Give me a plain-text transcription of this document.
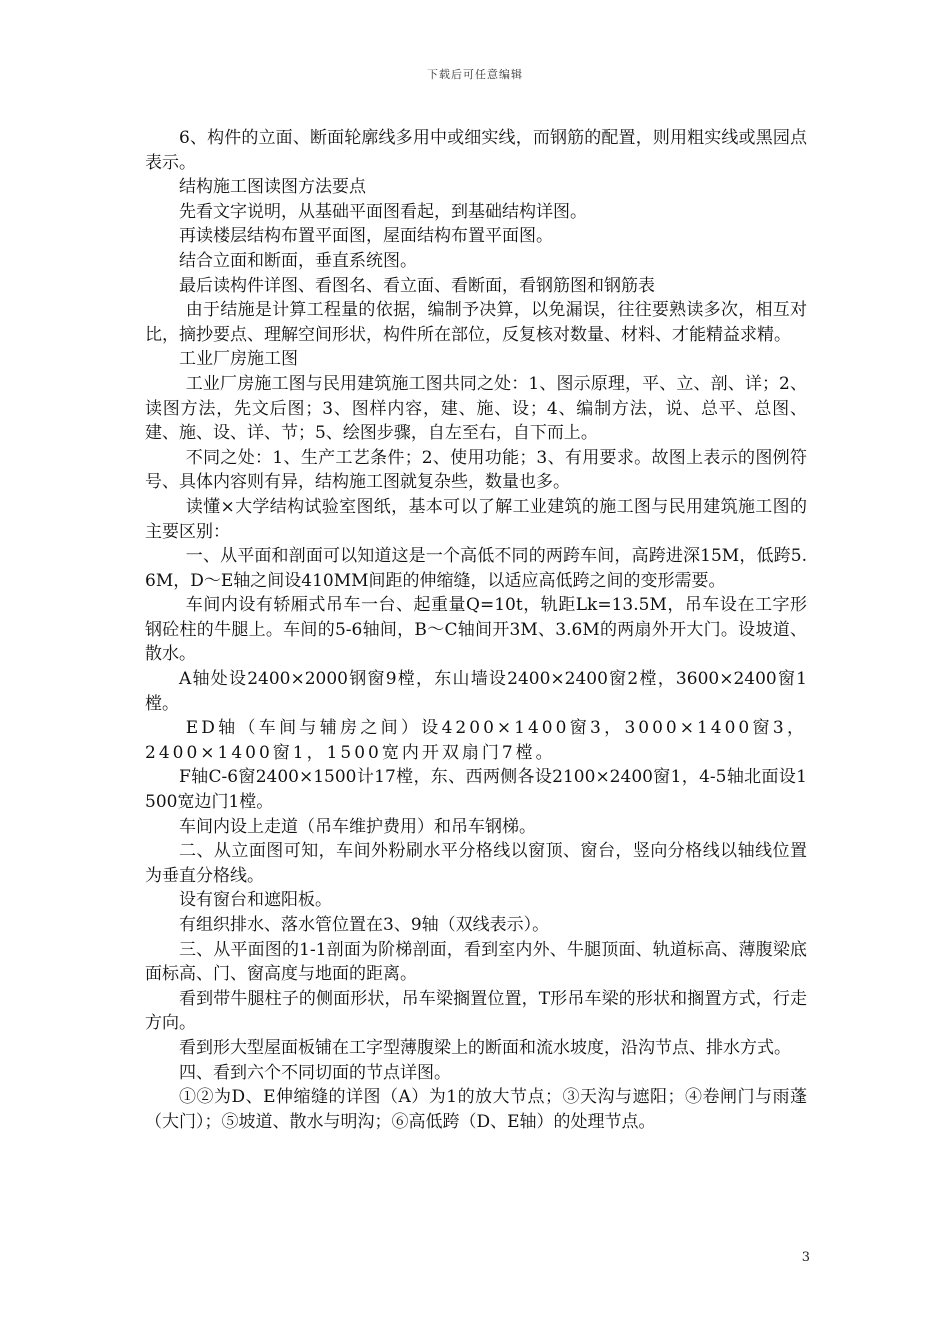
下载后可任意编辑

6、构件的立面、断面轮廓线多用中或细实线，而钢筋的配置，则用粗实线或黑园点表示。

结构施工图读图方法要点

先看文字说明，从基础平面图看起，到基础结构详图。

再读楼层结构布置平面图，屋面结构布置平面图。

结合立面和断面，垂直系统图。

最后读构件详图、看图名、看立面、看断面，看钢筋图和钢筋表

由于结施是计算工程量的依据，编制予决算，以免漏误，往往要熟读多次，相互对比，摘抄要点、理解空间形状，构件所在部位，反复核对数量、材料、才能精益求精。

工业厂房施工图

工业厂房施工图与民用建筑施工图共同之处：1、图示原理，平、立、剖、详；2、读图方法，先文后图；3、图样内容，建、施、设；4、编制方法，说、总平、总图、建、施、设、详、节；5、绘图步骤，自左至右，自下而上。

不同之处：1、生产工艺条件；2、使用功能；3、有用要求。故图上表示的图例符号、具体内容则有异，结构施工图就复杂些，数量也多。

读懂×大学结构试验室图纸，基本可以了解工业建筑的施工图与民用建筑施工图的主要区别：

一、从平面和剖面可以知道这是一个高低不同的两跨车间，高跨进深15M，低跨5.6M，D～E轴之间设410MM间距的伸缩缝，以适应高低跨之间的变形需要。

车间内设有轿厢式吊车一台、起重量Q=10t，轨距Lk=13.5M，吊车设在工字形钢砼柱的牛腿上。车间的5-6轴间，B～C轴间开3M、3.6M的两扇外开大门。设坡道、散水。

A轴处设2400×2000钢窗9樘，东山墙设2400×2400窗2樘，3600×2400窗1樘。

ED轴（车间与辅房之间）设4200×1400窗3，3000×1400窗3，2400×1400窗1，1500宽内开双扇门7樘。

F轴C-6窗2400×1500计17樘，东、西两侧各设2100×2400窗1，4-5轴北面设1500宽边门1樘。

车间内设上走道（吊车维护费用）和吊车钢梯。

二、从立面图可知，车间外粉刷水平分格线以窗顶、窗台，竖向分格线以轴线位置为垂直分格线。

设有窗台和遮阳板。

有组织排水、落水管位置在3、9轴（双线表示）。

三、从平面图的1-1剖面为阶梯剖面，看到室内外、牛腿顶面、轨道标高、薄腹梁底面标高、门、窗高度与地面的距离。

看到带牛腿柱子的侧面形状，吊车梁搁置位置，T形吊车梁的形状和搁置方式，行走方向。

看到形大型屋面板铺在工字型薄腹梁上的断面和流水坡度，沿沟节点、排水方式。

四、看到六个不同切面的节点详图。

①②为D、E伸缩缝的详图（A）为1的放大节点；③天沟与遮阳；④卷闸门与雨蓬（大门）；⑤坡道、散水与明沟；⑥高低跨（D、E轴）的处理节点。

3
